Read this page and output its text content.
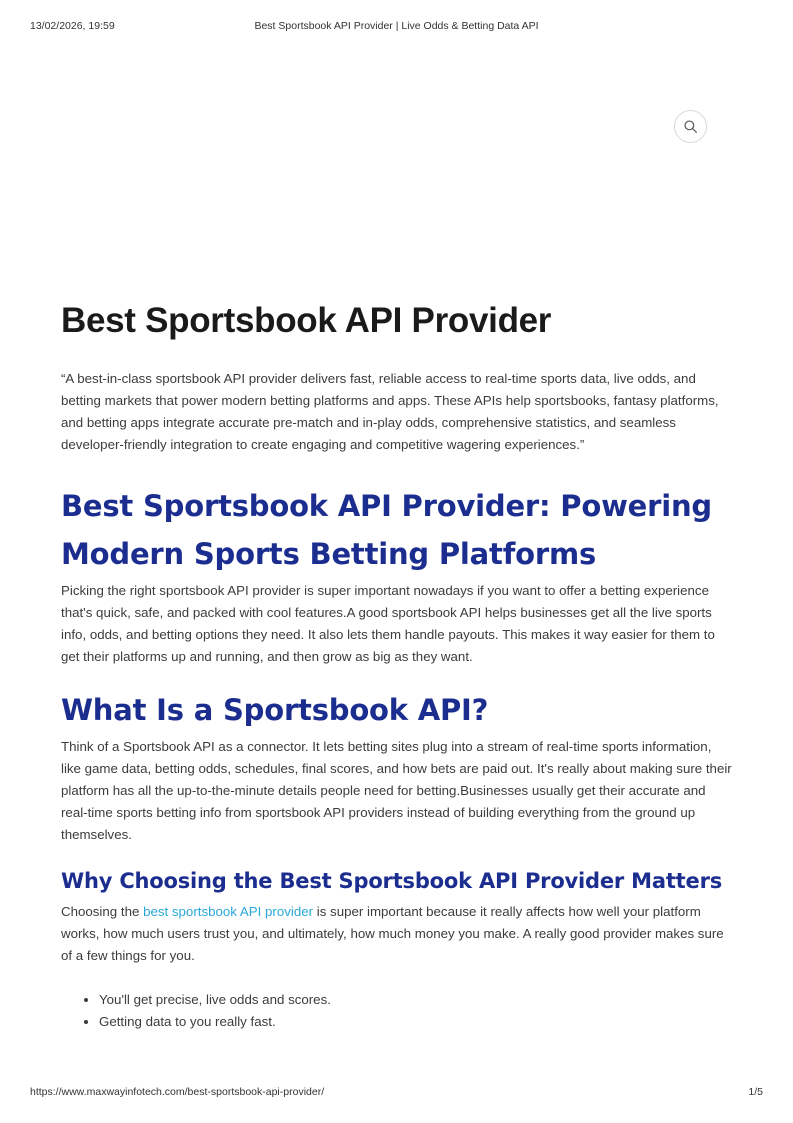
13/02/2026, 19:59	Best Sportsbook API Provider | Live Odds & Betting Data API
Best Sportsbook API Provider

“A best-in-class sportsbook API provider delivers fast, reliable access to real-time sports data, live odds, and betting markets that power modern betting platforms and apps. These APIs help sportsbooks, fantasy platforms, and betting apps integrate accurate pre-match and in-play odds, comprehensive statistics, and seamless developer-friendly integration to create engaging and competitive wagering experiences.”

Best Sportsbook API Provider: Powering Modern Sports Betting Platforms

Picking the right sportsbook API provider is super important nowadays if you want to offer a betting experience that's quick, safe, and packed with cool features.A good sportsbook API helps businesses get all the live sports info, odds, and betting options they need. It also lets them handle payouts. This makes it way easier for them to get their platforms up and running, and then grow as big as they want.

What Is a Sportsbook API?

Think of a Sportsbook API as a connector. It lets betting sites plug into a stream of real-time sports information, like game data, betting odds, schedules, final scores, and how bets are paid out. It's really about making sure their platform has all the up-to-the-minute details people need for betting.Businesses usually get their accurate and real-time sports betting info from sportsbook API providers instead of building everything from the ground up themselves.

Why Choosing the Best Sportsbook API Provider Matters

Choosing the best sportsbook API provider is super important because it really affects how well your platform works, how much users trust you, and ultimately, how much money you make. A really good provider makes sure of a few things for you.

• You'll get precise, live odds and scores.
• Getting data to you really fast.
https://www.maxwayinfotech.com/best-sportsbook-api-provider/	1/5
